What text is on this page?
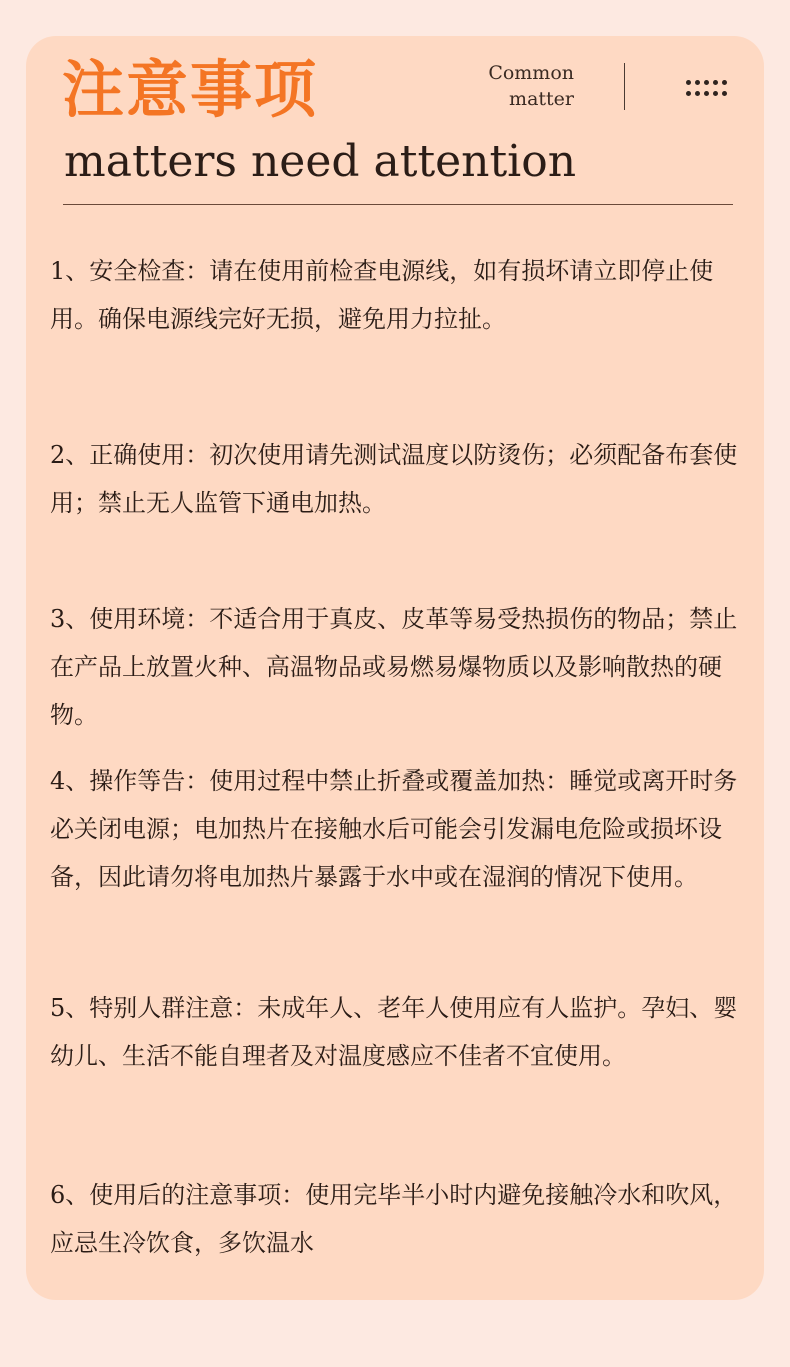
注意事项	Common
matter
matters need attention
1、安全检查：请在使用前检查电源线，如有损坏请立即停止使用。确保电源线完好无损，避免用力拉扯。
2、正确使用：初次使用请先测试温度以防烫伤；必须配备布套使用；禁止无人监管下通电加热。
3、使用环境：不适合用于真皮、皮革等易受热损伤的物品；禁止在产品上放置火种、高温物品或易燃易爆物质以及影响散热的硬物。
4、操作等告：使用过程中禁止折叠或覆盖加热：睡觉或离开时务必关闭电源；电加热片在接触水后可能会引发漏电危险或损坏设备，因此请勿将电加热片暴露于水中或在湿润的情况下使用。
5、特别人群注意：未成年人、老年人使用应有人监护。孕妇、婴幼儿、生活不能自理者及对温度感应不佳者不宜使用。
6、使用后的注意事项：使用完毕半小时内避免接触冷水和吹风，应忌生冷饮食，多饮温水
